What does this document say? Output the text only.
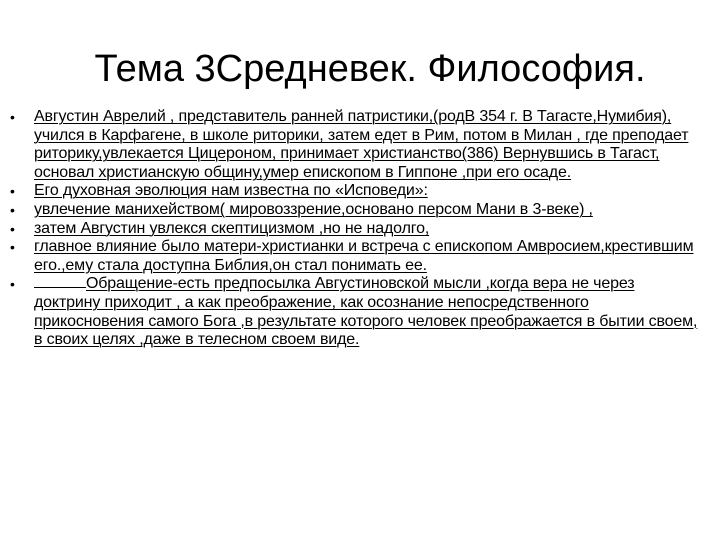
Тема 3Средневек. Философия.
•	Августин Аврелий , представитель ранней патристики,(родВ 354 г. В Тагасте,Нумибия), учился в Карфагене, в школе риторики, затем едет в Рим, потом в Милан , где преподает риторику,увлекается Цицероном, принимает христианство(386) Вернувшись в Тагаст, основал христианскую общину,умер епископом в Гиппоне ,при его осаде.
•	Его духовная эволюция нам известна по «Исповеди»:
•	увлечение манихейством( мировоззрение,основано персом Мани в 3-веке) ,
•	затем Августин увлекся скептицизмом ,но не надолго,
•	главное влияние было матери-христианки и встреча с епископом Амвросием,крестившим его.,ему стала доступна Библия,он стал понимать ее.
•	Обращение-есть предпосылка Августиновской мысли ,когда вера не через доктрину приходит , а как преображение, как осознание непосредственного прикосновения самого Бога ,в результате которого человек преображается в бытии своем, в своих целях ,даже в телесном своем виде.
